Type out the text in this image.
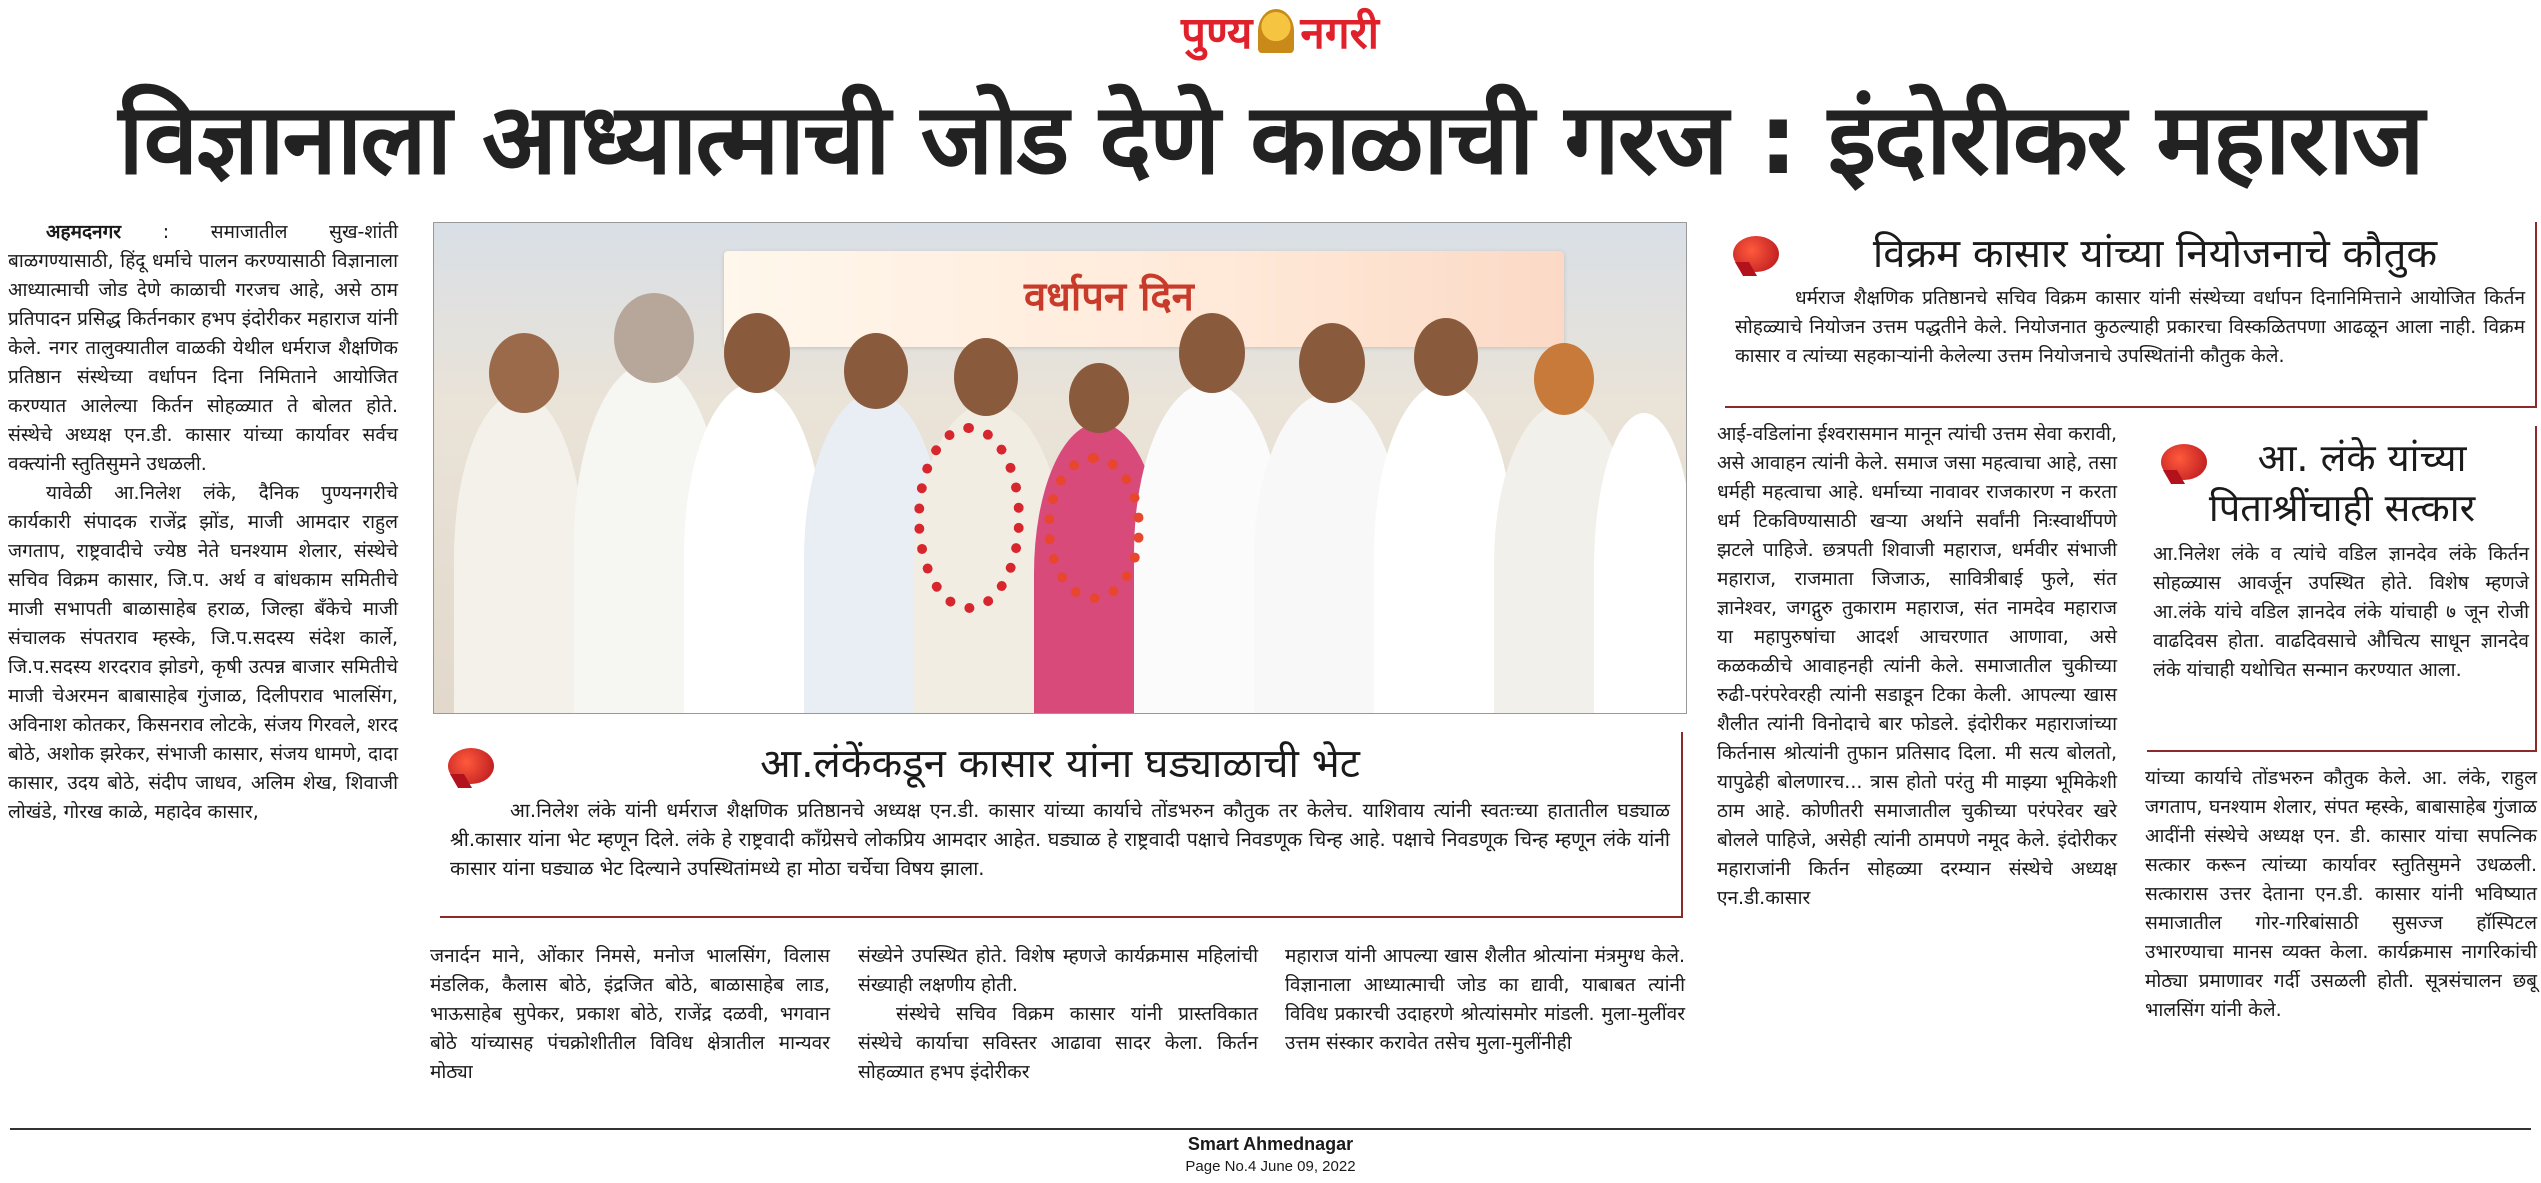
पुण्य नगरी
विज्ञानाला आध्यात्माची जोड देणे काळाची गरज : इंदोरीकर महाराज

अहमदनगर : समाजातील सुख-शांती बाळगण्यासाठी, हिंदू धर्माचे पालन करण्यासाठी विज्ञानाला आध्यात्माची जोड देणे काळाची गरजच आहे, असे ठाम प्रतिपादन प्रसिद्ध किर्तनकार हभप इंदोरीकर महाराज यांनी केले. नगर तालुक्यातील वाळकी येथील धर्मराज शैक्षणिक प्रतिष्ठान संस्थेच्या वर्धापन दिना निमिताने आयोजित करण्यात आलेल्या किर्तन सोहळ्यात ते बोलत होते. संस्थेचे अध्यक्ष एन.डी. कासार यांच्या कार्यावर सर्वच वक्त्यांनी स्तुतिसुमने उधळली.

यावेळी आ.निलेश लंके, दैनिक पुण्यनगरीचे कार्यकारी संपादक राजेंद्र झोंड, माजी आमदार राहुल जगताप, राष्ट्रवादीचे ज्येष्ठ नेते घनश्याम शेलार, संस्थेचे सचिव विक्रम कासार, जि.प. अर्थ व बांधकाम समितीचे माजी सभापती बाळासाहेब हराळ, जिल्हा बँकेचे माजी संचालक संपतराव म्हस्के, जि.प.सदस्य संदेश कार्ले, जि.प.सदस्य शरदराव झोडगे, कृषी उत्पन्न बाजार समितीचे माजी चेअरमन बाबासाहेब गुंजाळ, दिलीपराव भालसिंग, अविनाश कोतकर, किसनराव लोटके, संजय गिरवले, शरद बोठे, अशोक झरेकर, संभाजी कासार, संजय धामणे, दादा कासार, उदय बोठे, संदीप जाधव, अलिम शेख, शिवाजी लोखंडे, गोरख काळे, महादेव कासार,

वर्धापन दिन
आ.लंकेंकडून कासार यांना घड्याळाची भेट
आ.निलेश लंके यांनी धर्मराज शैक्षणिक प्रतिष्ठानचे अध्यक्ष एन.डी. कासार यांच्या कार्याचे तोंडभरुन कौतुक तर केलेच. याशिवाय त्यांनी स्वतःच्या हातातील घड्याळ श्री.कासार यांना भेट म्हणून दिले. लंके हे राष्ट्रवादी कॉंग्रेसचे लोकप्रिय आमदार आहेत. घड्याळ हे राष्ट्रवादी पक्षाचे निवडणूक चिन्ह आहे. पक्षाचे निवडणूक चिन्ह म्हणून लंके यांनी कासार यांना घड्याळ भेट दिल्याने उपस्थितांमध्ये हा मोठा चर्चेचा विषय झाला.
जनार्दन माने, ओंकार निमसे, मनोज भालसिंग, विलास मंडलिक, कैलास बोठे, इंद्रजित बोठे, बाळासाहेब लाड, भाऊसाहेब सुपेकर, प्रकाश बोठे, राजेंद्र दळवी, भगवान बोठे यांच्यासह पंचक्रोशीतील विविध क्षेत्रातील मान्यवर मोठ्या

संख्येने उपस्थित होते. विशेष म्हणजे कार्यक्रमास महिलांची संख्याही लक्षणीय होती.

संस्थेचे सचिव विक्रम कासार यांनी प्रास्तविकात संस्थेचे कार्याचा सविस्तर आढावा सादर केला. किर्तन सोहळ्यात हभप इंदोरीकर

महाराज यांनी आपल्या खास शैलीत श्रोत्यांना मंत्रमुग्ध केले. विज्ञानाला आध्यात्माची जोड का द्यावी, याबाबत त्यांनी विविध प्रकारची उदाहरणे श्रोत्यांसमोर मांडली. मुला-मुलींवर उत्तम संस्कार करावेत तसेच मुला-मुलींनीही
विक्रम कासार यांच्या नियोजनाचे कौतुक
धर्मराज शैक्षणिक प्रतिष्ठानचे सचिव विक्रम कासार यांनी संस्थेच्या वर्धापन दिनानिमित्ताने आयोजित किर्तन सोहळ्याचे नियोजन उत्तम पद्धतीने केले. नियोजनात कुठल्याही प्रकारचा विस्कळितपणा आढळून आला नाही. विक्रम कासार व त्यांच्या सहकाऱ्यांनी केलेल्या उत्तम नियोजनाचे उपस्थितांनी कौतुक केले.
आई-वडिलांना ईश्वरासमान मानून त्यांची उत्तम सेवा करावी, असे आवाहन त्यांनी केले. समाज जसा महत्वाचा आहे, तसा धर्मही महत्वाचा आहे. धर्माच्या नावावर राजकारण न करता धर्म टिकविण्यासाठी खऱ्या अर्थाने सर्वांनी निःस्वार्थीपणे झटले पाहिजे. छत्रपती शिवाजी महाराज, धर्मवीर संभाजी महाराज, राजमाता जिजाऊ, सावित्रीबाई फुले, संत ज्ञानेश्वर, जगद्गुरु तुकाराम महाराज, संत नामदेव महाराज या महापुरुषांचा आदर्श आचरणात आणावा, असे कळकळीचे आवाहनही त्यांनी केले. समाजातील चुकीच्या रुढी-परंपरेवरही त्यांनी सडाडून टिका केली. आपल्या खास शैलीत त्यांनी विनोदाचे बार फोडले. इंदोरीकर महाराजांच्या किर्तनास श्रोत्यांनी तुफान प्रतिसाद दिला. मी सत्य बोलतो, यापुढेही बोलणारच... त्रास होतो परंतु मी माझ्या भूमिकेशी ठाम आहे. कोणीतरी समाजातील चुकीच्या परंपरेवर खरे बोलले पाहिजे, असेही त्यांनी ठामपणे नमूद केले. इंदोरीकर महाराजांनी किर्तन सोहळ्या दरम्यान संस्थेचे अध्यक्ष एन.डी.कासार
आ. लंके यांच्या
पिताश्रींचाही सत्कार
आ.निलेश लंके व त्यांचे वडिल ज्ञानदेव लंके किर्तन सोहळ्यास आवर्जून उपस्थित होते. विशेष म्हणजे आ.लंके यांचे वडिल ज्ञानदेव लंके यांचाही ७ जून रोजी वाढदिवस होता. वाढदिवसाचे औचित्य साधून ज्ञानदेव लंके यांचाही यथोचित सन्मान करण्यात आला.
यांच्या कार्याचे तोंडभरुन कौतुक केले. आ. लंके, राहुल जगताप, घनश्याम शेलार, संपत म्हस्के, बाबासाहेब गुंजाळ आदींनी संस्थेचे अध्यक्ष एन. डी. कासार यांचा सपत्निक सत्कार करून त्यांच्या कार्यावर स्तुतिसुमने उधळली. सत्कारास उत्तर देताना एन.डी. कासार यांनी भविष्यात समाजातील गोर-गरिबांसाठी सुसज्ज हॉस्पिटल उभारण्याचा मानस व्यक्त केला. कार्यक्रमास नागरिकांची मोठ्या प्रमाणावर गर्दी उसळली होती. सूत्रसंचालन छबू भालसिंग यांनी केले.
Smart Ahmednagar
Page No.4 June 09, 2022
